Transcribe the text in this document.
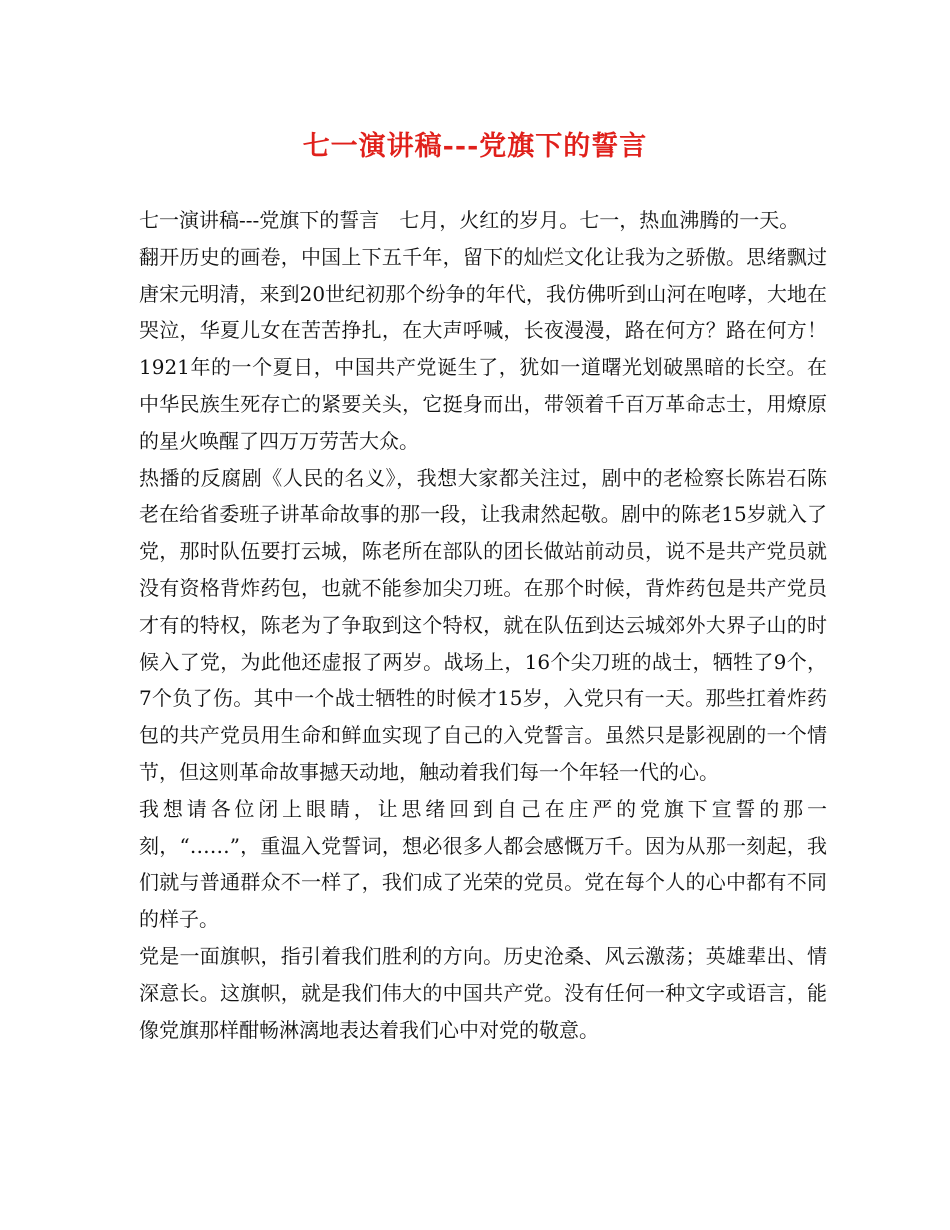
七一演讲稿---党旗下的誓言

七一演讲稿---党旗下的誓言　七月，火红的岁月。七一，热血沸腾的一天。

翻开历史的画卷，中国上下五千年，留下的灿烂文化让我为之骄傲。思绪飘过唐宋元明清，来到20世纪初那个纷争的年代，我仿佛听到山河在咆哮，大地在哭泣，华夏儿女在苦苦挣扎，在大声呼喊，长夜漫漫，路在何方？路在何方！1921年的一个夏日，中国共产党诞生了，犹如一道曙光划破黑暗的长空。在中华民族生死存亡的紧要关头，它挺身而出，带领着千百万革命志士，用燎原的星火唤醒了四万万劳苦大众。

热播的反腐剧《人民的名义》，我想大家都关注过，剧中的老检察长陈岩石陈老在给省委班子讲革命故事的那一段，让我肃然起敬。剧中的陈老15岁就入了党，那时队伍要打云城，陈老所在部队的团长做站前动员，说不是共产党员就没有资格背炸药包，也就不能参加尖刀班。在那个时候，背炸药包是共产党员才有的特权，陈老为了争取到这个特权，就在队伍到达云城郊外大界子山的时候入了党，为此他还虚报了两岁。战场上，16个尖刀班的战士，牺牲了9个，7个负了伤。其中一个战士牺牲的时候才15岁，入党只有一天。那些扛着炸药包的共产党员用生命和鲜血实现了自己的入党誓言。虽然只是影视剧的一个情节，但这则革命故事撼天动地，触动着我们每一个年轻一代的心。

我想请各位闭上眼睛，让思绪回到自己在庄严的党旗下宣誓的那一刻，“……”，重温入党誓词，想必很多人都会感慨万千。因为从那一刻起，我们就与普通群众不一样了，我们成了光荣的党员。党在每个人的心中都有不同的样子。

党是一面旗帜，指引着我们胜利的方向。历史沧桑、风云激荡；英雄辈出、情深意长。这旗帜，就是我们伟大的中国共产党。没有任何一种文字或语言，能像党旗那样酣畅淋漓地表达着我们心中对党的敬意。
